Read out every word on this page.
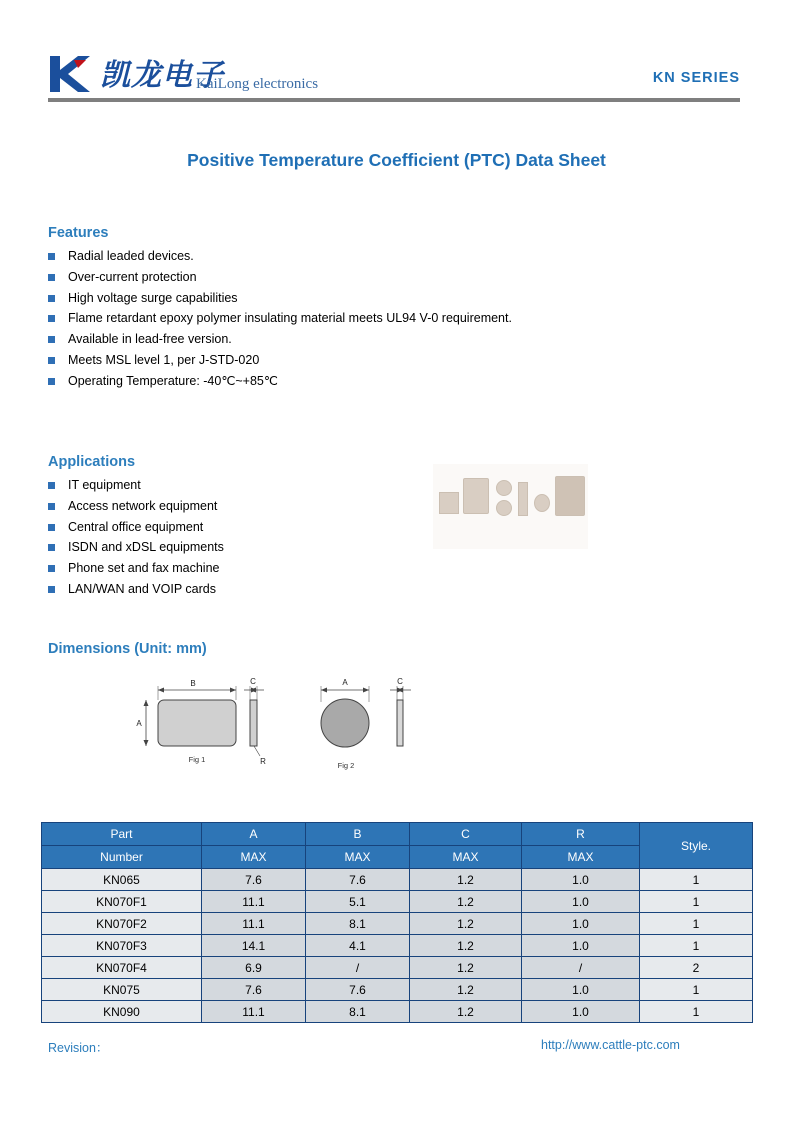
凯龙电子
KaiLong electronics	KN SERIES
Positive Temperature Coefficient (PTC) Data Sheet
Features
Radial leaded devices.
Over-current protection
High voltage surge capabilities
Flame retardant epoxy polymer insulating material meets UL94 V-0 requirement.
Available in lead-free version.
Meets MSL level 1, per J-STD-020
Operating Temperature: -40℃~+85℃
Applications
IT equipment
Access network equipment
Central office equipment
ISDN and xDSL equipments
Phone set and fax machine
LAN/WAN and VOIP cards
Dimensions (Unit: mm)
B	C
A
R
Fig 1
A	C
Fig 2
Part	A	B	C	R	Style.
Number	MAX	MAX	MAX	MAX	
KN065	7.6	7.6	1.2	1.0	1
KN070F1	11.1	5.1	1.2	1.0	1
KN070F2	11.1	8.1	1.2	1.0	1
KN070F3	14.1	4.1	1.2	1.0	1
KN070F4	6.9	/	1.2	/	2
KN075	7.6	7.6	1.2	1.0	1
KN090	11.1	8.1	1.2	1.0	1
Revision：	http://www.cattle-ptc.com
